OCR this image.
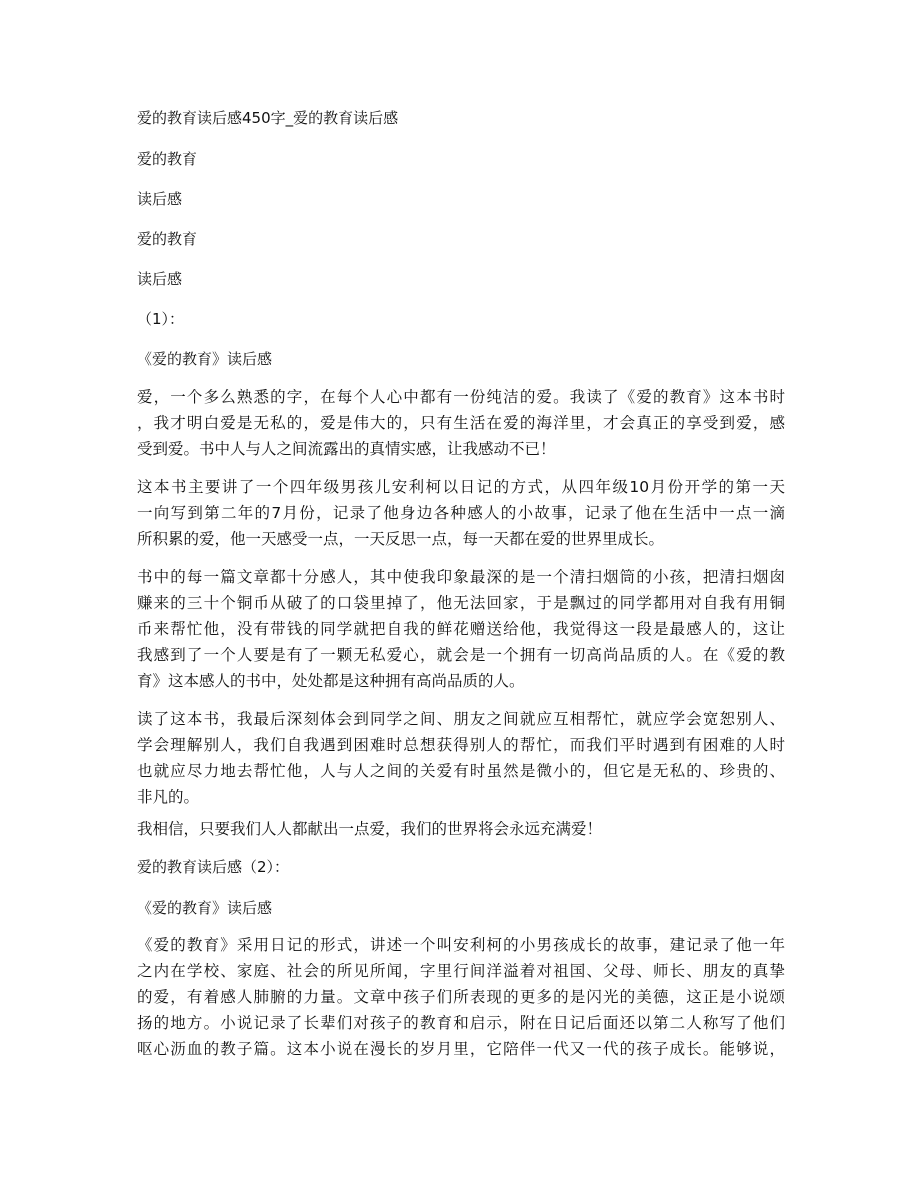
爱的教育读后感450字_爱的教育读后感
爱的教育
读后感
爱的教育
读后感
（1）：
《爱的教育》读后感
爱，一个多么熟悉的字，在每个人心中都有一份纯洁的爱。我读了《爱的教育》这本书时
，我才明白爱是无私的，爱是伟大的，只有生活在爱的海洋里，才会真正的享受到爱，感
受到爱。书中人与人之间流露出的真情实感，让我感动不已！
这本书主要讲了一个四年级男孩儿安利柯以日记的方式，从四年级10月份开学的第一天
一向写到第二年的7月份，记录了他身边各种感人的小故事，记录了他在生活中一点一滴
所积累的爱，他一天感受一点，一天反思一点，每一天都在爱的世界里成长。
书中的每一篇文章都十分感人，其中使我印象最深的是一个清扫烟筒的小孩，把清扫烟囱
赚来的三十个铜币从破了的口袋里掉了，他无法回家，于是飘过的同学都用对自我有用铜
币来帮忙他，没有带钱的同学就把自我的鲜花赠送给他，我觉得这一段是最感人的，这让
我感到了一个人要是有了一颗无私爱心，就会是一个拥有一切高尚品质的人。在《爱的教
育》这本感人的书中，处处都是这种拥有高尚品质的人。
读了这本书，我最后深刻体会到同学之间、朋友之间就应互相帮忙，就应学会宽恕别人、
学会理解别人，我们自我遇到困难时总想获得别人的帮忙，而我们平时遇到有困难的人时
也就应尽力地去帮忙他，人与人之间的关爱有时虽然是微小的，但它是无私的、珍贵的、
非凡的。
我相信，只要我们人人都献出一点爱，我们的世界将会永远充满爱！
爱的教育读后感（2）：
《爱的教育》读后感
《爱的教育》采用日记的形式，讲述一个叫安利柯的小男孩成长的故事，建记录了他一年
之内在学校、家庭、社会的所见所闻，字里行间洋溢着对祖国、父母、师长、朋友的真挚
的爱，有着感人肺腑的力量。文章中孩子们所表现的更多的是闪光的美德，这正是小说颂
扬的地方。小说记录了长辈们对孩子的教育和启示，附在日记后面还以第二人称写了他们
呕心沥血的教子篇。这本小说在漫长的岁月里，它陪伴一代又一代的孩子成长。能够说，
